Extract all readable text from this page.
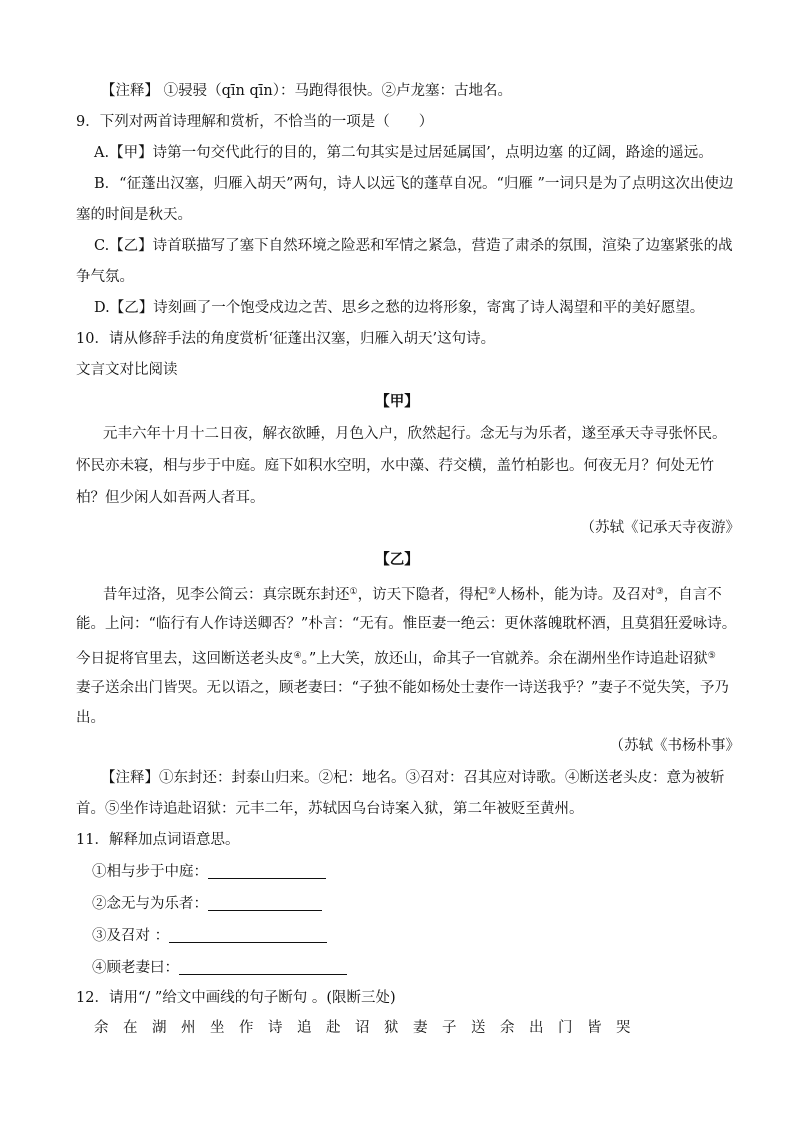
【注释】 ①骎骎（qīn qīn）：马跑得很快。②卢龙塞：古地名。
9．下列对两首诗理解和赏析，不恰当的一项是（　　）
A.【甲】诗第一句交代此行的目的，第二句其实是过居延属国’，点明边塞 的辽阔，路途的遥远。
B．“征蓬出汉塞，归雁入胡天”两句，诗人以远飞的蓬草自况。“归雁 ”一词只是为了点明这次出使边
塞的时间是秋天。
C.【乙】诗首联描写了塞下自然环境之险恶和军情之紧急，营造了肃杀的氛围，渲染了边塞紧张的战
争气氛。
D.【乙】诗刻画了一个饱受戍边之苦、思乡之愁的边将形象，寄寓了诗人渴望和平的美好愿望。
10．请从修辞手法的角度赏析‘征蓬出汉塞，归雁入胡天’这句诗。
文言文对比阅读
【甲】
元丰六年十月十二日夜，解衣欲睡，月色入户，欣然起行。念无与为乐者，遂至承天寺寻张怀民。
怀民亦未寝，相与步于中庭。庭下如积水空明，水中藻、荇交横，盖竹柏影也。何夜无月？何处无竹
柏？但少闲人如吾两人者耳。
（苏轼《记承天寺夜游》
【乙】
昔年过洛，见李公简云：真宗既东封还①，访天下隐者，得杞②人杨朴，能为诗。及召对③，自言不
能。上问：“临行有人作诗送卿否？”朴言：“无有。惟臣妻一绝云：更休落魄耽杯酒，且莫猖狂爱咏诗。
今日捉将官里去，这回断送老头皮④。”上大笑，放还山，命其子一官就养。余在湖州坐作诗追赴诏狱⑤
妻子送余出门皆哭。无以语之，顾老妻曰：“子独不能如杨处士妻作一诗送我乎？”妻子不觉失笑，予乃
出。
（苏轼《书杨朴事》
【注释】①东封还：封泰山归来。②杞：地名。③召对：召其应对诗歌。④断送老头皮：意为被斩
首。⑤坐作诗追赴诏狱：元丰二年，苏轼因乌台诗案入狱，第二年被贬至黄州。
11．解释加点词语意思。
①相与步于中庭：
②念无与为乐者：
③及召对 ：
④顾老妻曰：
12．请用“/ ”给文中画线的句子断句 。(限断三处)
余在湖州坐作诗追赴诏狱妻子送余出门皆哭
